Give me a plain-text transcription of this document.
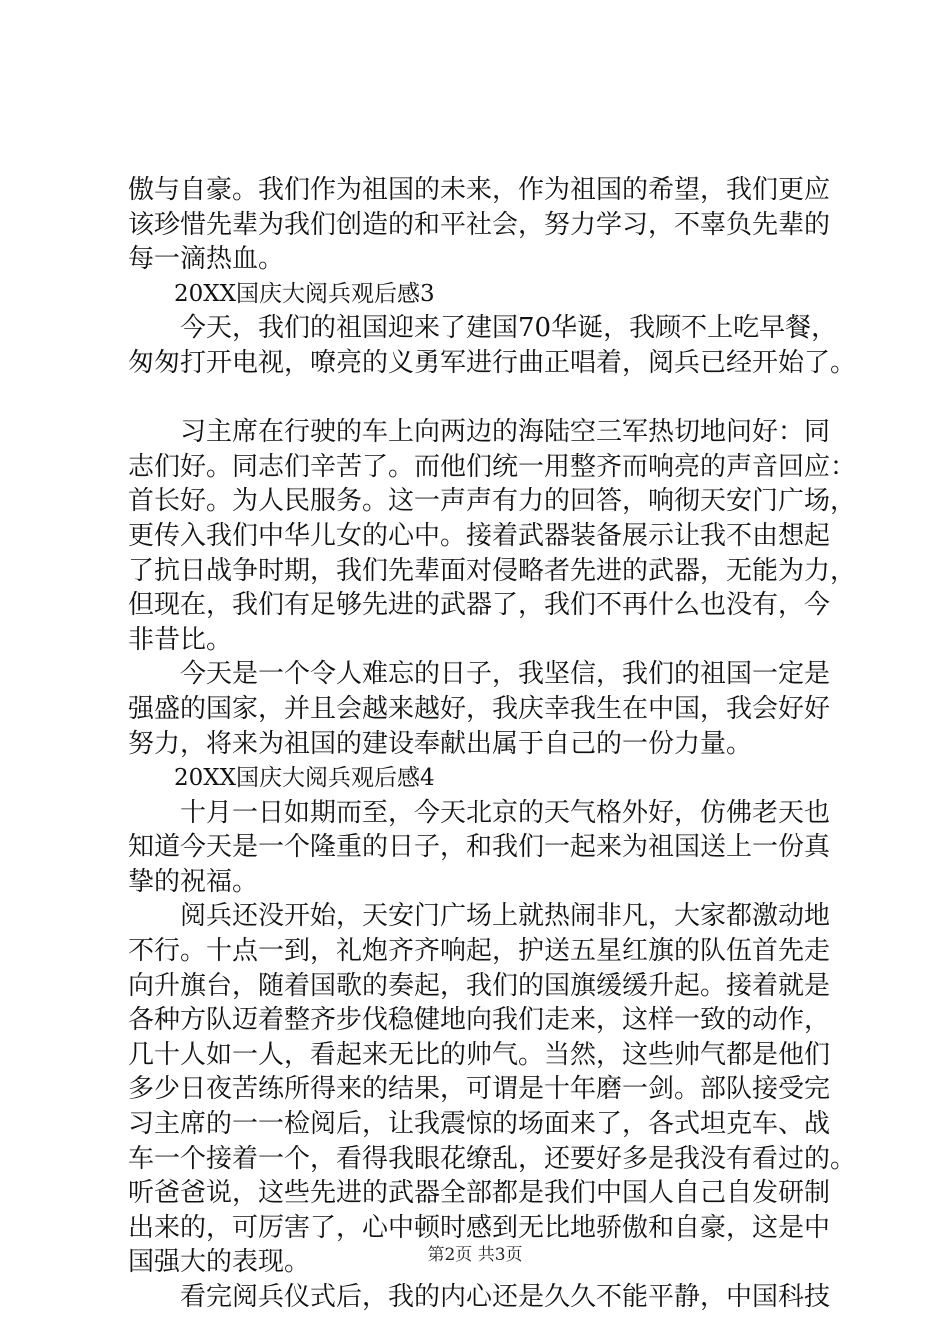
傲与自豪。我们作为祖国的未来，作为祖国的希望，我们更应
该珍惜先辈为我们创造的和平社会，努力学习，不辜负先辈的
每一滴热血。
　　20XX国庆大阅兵观后感3
　　今天，我们的祖国迎来了建国70华诞，我顾不上吃早餐，
匆匆打开电视，嘹亮的义勇军进行曲正唱着，阅兵已经开始了。
　　习主席在行驶的车上向两边的海陆空三军热切地问好：同
志们好。同志们辛苦了。而他们统一用整齐而响亮的声音回应：
首长好。为人民服务。这一声声有力的回答，响彻天安门广场，
更传入我们中华儿女的心中。接着武器装备展示让我不由想起
了抗日战争时期，我们先辈面对侵略者先进的武器，无能为力，
但现在，我们有足够先进的武器了，我们不再什么也没有，今
非昔比。
　　今天是一个令人难忘的日子，我坚信，我们的祖国一定是
强盛的国家，并且会越来越好，我庆幸我生在中国，我会好好
努力，将来为祖国的建设奉献出属于自己的一份力量。
　　20XX国庆大阅兵观后感4
　　十月一日如期而至，今天北京的天气格外好，仿佛老天也
知道今天是一个隆重的日子，和我们一起来为祖国送上一份真
挚的祝福。
　　阅兵还没开始，天安门广场上就热闹非凡，大家都激动地
不行。十点一到，礼炮齐齐响起，护送五星红旗的队伍首先走
向升旗台，随着国歌的奏起，我们的国旗缓缓升起。接着就是
各种方队迈着整齐步伐稳健地向我们走来，这样一致的动作，
几十人如一人，看起来无比的帅气。当然，这些帅气都是他们
多少日夜苦练所得来的结果，可谓是十年磨一剑。部队接受完
习主席的一一检阅后，让我震惊的场面来了，各式坦克车、战
车一个接着一个，看得我眼花缭乱，还要好多是我没有看过的。
听爸爸说，这些先进的武器全部都是我们中国人自己自发研制
出来的，可厉害了，心中顿时感到无比地骄傲和自豪，这是中
国强大的表现。
　　看完阅兵仪式后，我的内心还是久久不能平静，中国科技
第2页 共3页
